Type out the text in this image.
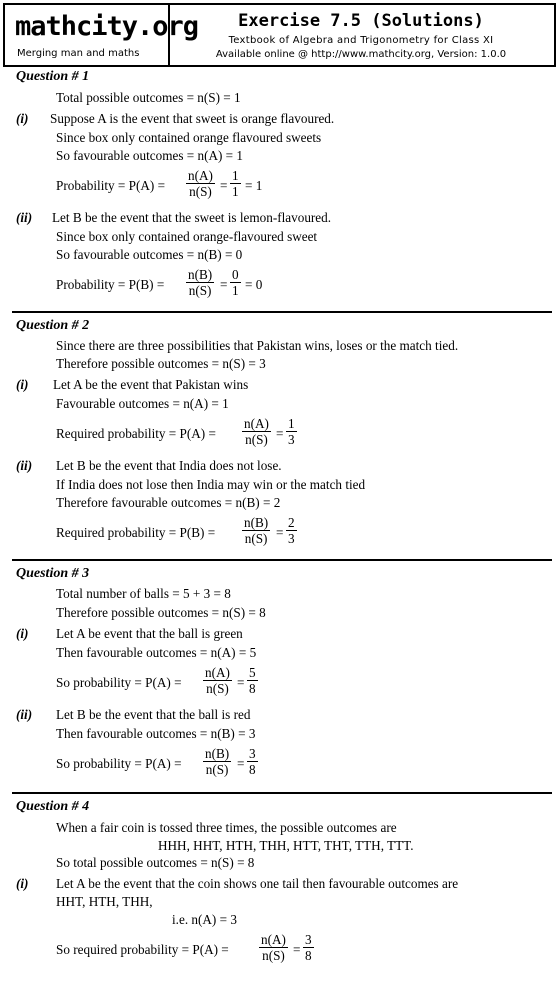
mathcity.org
Merging man and maths
Exercise 7.5 (Solutions)
Textbook of Algebra and Trigonometry for Class XI
Available online @ http://www.mathcity.org, Version: 1.0.0
Question # 1
Total possible outcomes = n(S) = 1
(i) Suppose A is the event that sweet is orange flavoured.
Since box only contained orange flavoured sweets
So favourable outcomes = n(A) = 1
Probability = $P(A) = \frac{n(A)}{n(S)} = \frac{1}{1} = 1$
(ii) Let B be the event that the sweet is lemon-flavoured.
Since box only contained orange-flavoured sweet
So favourable outcomes = n(B) = 0
Probability = $P(B) = \frac{n(B)}{n(S)} = \frac{0}{1} = 0$
Question # 2
Since there are three possibilities that Pakistan wins, loses or the match tied.
Therefore possible outcomes = n(S) = 3
(i) Let A be the event that Pakistan wins
Favourable outcomes = n(A) = 1
Required probability = $P(A) = \frac{n(A)}{n(S)} = \frac{1}{3}$
(ii) Let B be the event that India does not lose.
If India does not lose then India may win or the match tied
Therefore favourable outcomes = n(B) = 2
Required probability = $P(B) = \frac{n(B)}{n(S)} = \frac{2}{3}$
Question # 3
Total number of balls = 5 + 3 = 8
Therefore possible outcomes = n(S) = 8
(i) Let A be event that the ball is green
Then favourable outcomes = n(A) = 5
So probability = $P(A) = \frac{n(A)}{n(S)} = \frac{5}{8}$
(ii) Let B be the event that the ball is red
Then favourable outcomes = n(B) = 3
So probability = $P(A) = \frac{n(B)}{n(S)} = \frac{3}{8}$
Question # 4
When a fair coin is tossed three times, the possible outcomes are
HHH, HHT, HTH, THH, HTT, THT, TTH, TTT.
So total possible outcomes = n(S) = 8
(i) Let A be the event that the coin shows one tail then favourable outcomes are
HHT, HTH, THH,
i.e. n(A) = 3
So required probability = $P(A) = \frac{n(A)}{n(S)} = \frac{3}{8}$
